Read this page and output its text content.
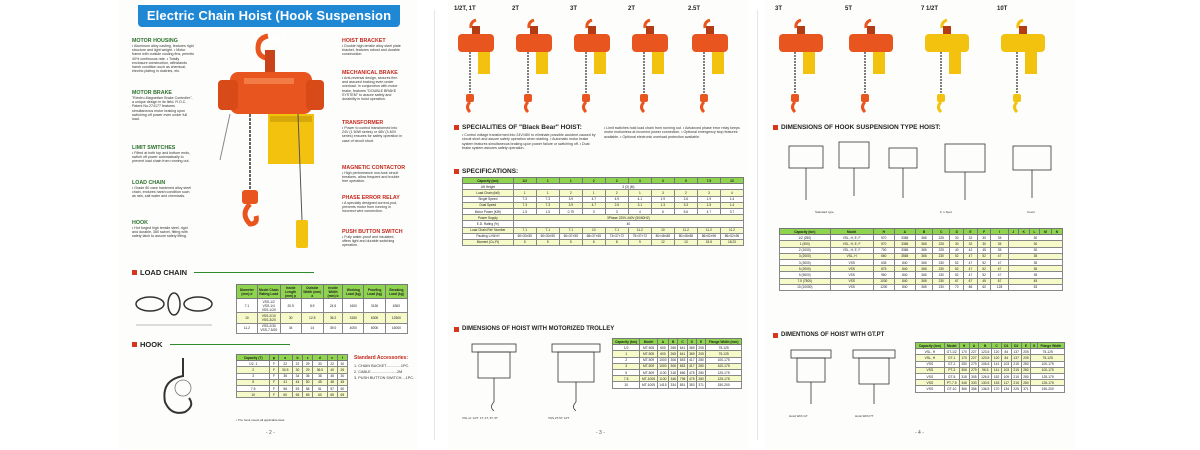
Electric Chain Hoist (Hook Suspension Type)
MOTOR HOUSING
• Aluminum alloy casting, features rigid structure and light weight. • Motor frame with outside cooling fins, permits 40% continuous rate. • Totally enclosure construction, withstands harsh condition such as chemical, electric plating in dustries, etc.
MOTOR BRAKE
"Electro-Magnetism Brake Controller", a unique design in its field. R.O.C. Patent No.274177 features simultaneous motor braking upon switching off power even under full load.
LIMIT SWITCHES
• Fitted at both top and bottom ends, switch off power automatically to prevent load chain from running out.
LOAD CHAIN
• Grade 80 case hardened alloy steel chain, endures harsh condition such as rain, salt water and chemicals.
HOOK
• Hot forged high tensile steel, rigid and durable, 360 swivel, fitting with safety latch to assure safety lifting.
HOIST BRACKET
• Double high-tensile alloy steel plate bracket, features robust and durable construction.
MECHANICAL BRAKE
• Anti-reversal design, secures firm and assured braking even under overload. In conjunction with motor brake, features "DOUBLE BRAKE SYSTEM" to assure safety and durability in hoist operation.
TRANSFORMER
• Power to control transformed into 24V (1 60W series) or 48V (3-60V series) ensures for safety operation in case of circuit short.
MAGNETIC CONTACTOR
• High performance non-fuse circuit breakers, allow frequent and trouble free operation.
PHASE ERROR RELAY
• A specially designed current-pod, prevents motor from running in incorrect wire connection.
PUSH BUTTON SWITCH
• Fully water-proof and insulated, offers light and durable switching operation.
LOAD CHAIN
Diameter (mm) d	Model Chain Rating Load	Inside Length (mm) p	Outside Width (mm) a	Inside Width (mm) b	Working Load (kg)	Proofing Load (kg)	Breaking Load (kg)
7.1	VSS-1/2 VSS-1/4 VSS-1/20	20.5	8.9	24.5	1600	3150	6300
10	VSS-2/10 VSS-3/20	30	12.5	35.2	3150	6300	12500
11.2	VSS-2/30 VSS-7.5/20	34	14	39.0	4000	8000	16000
HOOK
Capacity (T)	φ	a	b	c	d	e	f
1/2, 1	F	22	22	29	33	22	30
2	F	30.5	30	29	36.5	40	26
3	F	36	34	36	38	45	30
5	F	41	44	50	45	48	45
7.5	F	56	53	58	51	57	50
10	F	60	65	65	60	65	65
• The hook meets all applicable laws
Standard Accessories:
1. CHAIN BUCKET..............1PC.
2. CABLE.........................2M
3. PUSH BUTTON SWITCH....1PC.
- 2 -
1/2T, 1T	2T	3T	2T	2.5T
SPECIALITIES OF "Black Bear" HOIST:
• Control voltage transformed into 24V/48V to eliminate possible accident caused by circuit short and assure safety operation when starting. • Automatic motor brake system features simultaneous braking upon power failure or switching off. • Dual brake system assures safety operation.
• Limit switches hold load chain from running out. • Advanced phase error relay keeps motor motionless at incorrect power connection. • Optional emergency stop features available. • Optional electronic overload protection available.
SPECIFICATIONS:
Capacity (ton)	1/2	1	1	2	2	3	3	5	7.5	10
Lift Height	3 (3) (M)									
Load Chain (fall)	1	1	2	1	2	1	3	2	3	4
Single Speed	7.3	7.3	3.9	4.7	4.9	4.1	1.9	2.6	1.9	1.4
Dual Speed	7.3	7.3	3.9	4.7	2.5	3.1	1.3	3.3	1.5	1.4
Motor Power (KW)	1.5	1.5	0.75	3	3	4	6	5.6	4.7	3.7
Power Supply	3Phase 220V-440V (50/60HZ)									
E.D. Rating (%)	40									
Load Chain Ref. Number	7.1	7.1	7.1	10	7.1	11.2	10	11.2	11.2	11.2
Packing L×W×H	60×30×55	60×30×55	60×37×55	68×37×55	73×37×72	75×37×72	80×48×88	80×48×88	86×52×96	86×52×96
Moment (Cu.Ft)	5	5	5	6	8	9	12	13	15.5	18.23
DIMENSIONS OF HOIST WITH MOTORIZED TROLLEY
VSL-H: 1/2T, 1T, 2T, 3T, 5T	VSS 2T-5T, 10T
Capacity (ton)	Model	A	B	C	D	E	Flange Width (mm)
1/2	MT-505	600	265	641	369	205	75-125
1	MT-505	600	265	641	369	205	75-125
2	MT-509	1000	306	653	417	280	100-175
3	MT-509	1000	306	653	417	280	100-175
5	MT-509	1130	318	656	475	280	125-175
7.5	MT-1005	1130	346	798	475	280	125-175
10	MT-1005	1415	334	851	353	371	150-200
- 3 -
3T	5T	7 1/2T	10T
DIMENSIONS OF HOOK SUSPENSION TYPE HOIST:
Standard type	F, 1 Spot	Cover
Capacity (ton)	Model	H	A	B	C	D	E	F	I	J	K	L	M	N
1/2 (250)	VSL, H, E, F	570	3365	365	225	30	32	30	35	30				
1 (500)	VSL, H, E, F	570	3365	365	225	30	32	30	35	30				
2 (1000)	VSL, H, E, F	700	3365	365	225	40	42	45	35	30				
3 (2000)	VSL, H	660	3565	365	230	52	47	52	47	35				
3 (3000)	VSS	635	840	365	230	52	47	52	47	35				
5 (2000)	VSS	875	840	365	230	52	47	52	47	35				
5 (5000)	VSS	960	840	365	230	52	47	52	47	35				
7.5 (7500)	VSS	1030	840	365	230	67	67	45	67	45				
10 (10000)	VSS	1200	840	365	230	70	86	60	128	53				
DIMENTIONS OF HOIST WITH GT.PT
Hoist With GT	Hoist With PT
Capacity (ton)	Model	H	A	B	C	D1	D2	E	G	Flange Width
VSL, H	GT-1/2	170	227	123.5	120	84	137	205	75-125	
VSL, H	GT-1	170	227	123.5	120	84	137	205	75-125	
VSS	GT-2	250	279	106.5	141	103	215	280	100-175	
VSS	PT-3	306	279	96.5	141	103	215	280	100-175	
VSS	GT-5	318	305	126.5	152	109	215	280	125-175	
VSS	PT-7.5	346	333	130.5	153	117	215	280	125-175	
VSS	GT-10	366	356	136.5	170	134	225	371	150-200	
- 4 -
